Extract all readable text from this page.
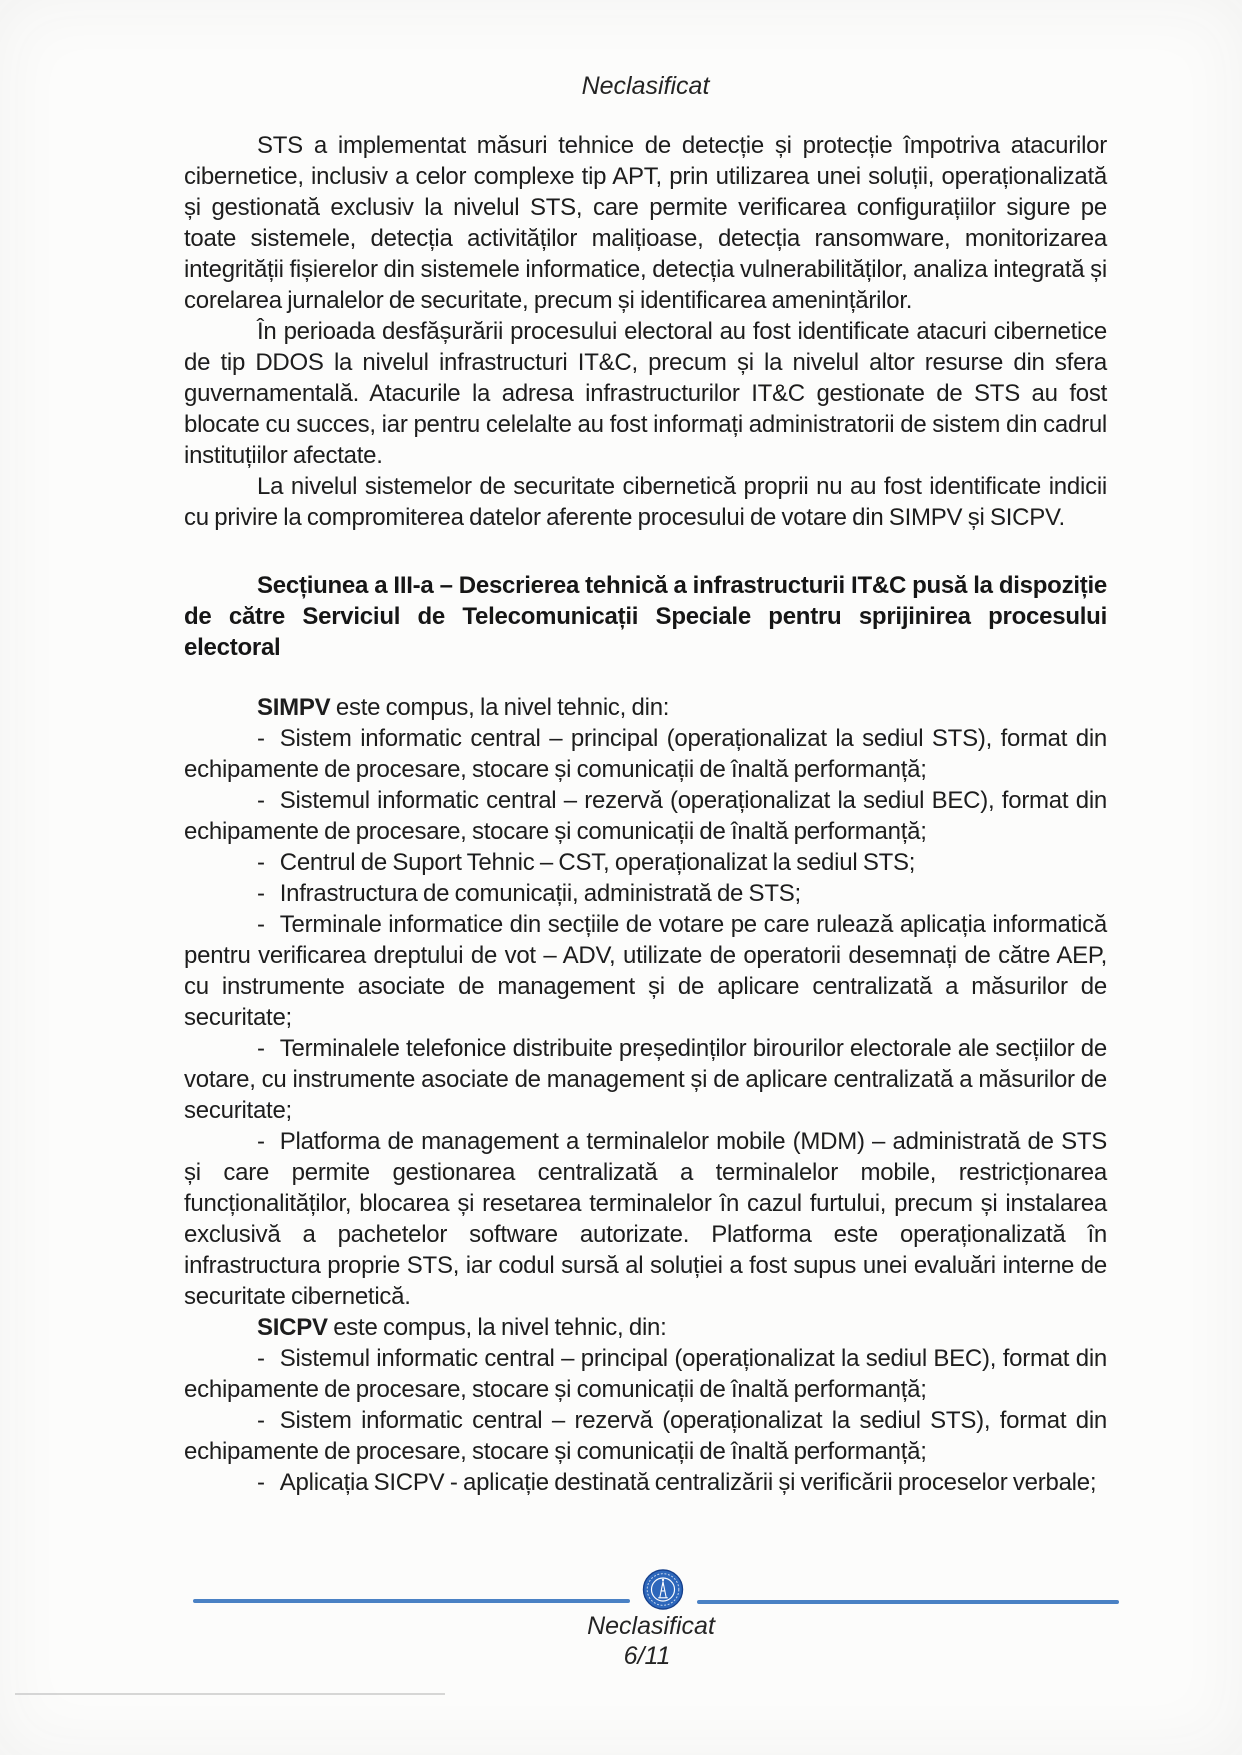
Neclasificat

STS a implementat măsuri tehnice de detecție și protecție împotriva atacurilor cibernetice, inclusiv a celor complexe tip APT, prin utilizarea unei soluții, operaționalizată și gestionată exclusiv la nivelul STS, care permite verificarea configurațiilor sigure pe toate sistemele, detecția activităților malițioase, detecția ransomware, monitorizarea integrității fișierelor din sistemele informatice, detecția vulnerabilităților, analiza integrată și corelarea jurnalelor de securitate, precum și identificarea amenințărilor.

În perioada desfășurării procesului electoral au fost identificate atacuri cibernetice de tip DDOS la nivelul infrastructuri IT&C, precum și la nivelul altor resurse din sfera guvernamentală. Atacurile la adresa infrastructurilor IT&C gestionate de STS au fost blocate cu succes, iar pentru celelalte au fost informați administratorii de sistem din cadrul instituțiilor afectate.

La nivelul sistemelor de securitate cibernetică proprii nu au fost identificate indicii cu privire la compromiterea datelor aferente procesului de votare din SIMPV și SICPV.

Secțiunea a III-a – Descrierea tehnică a infrastructurii IT&C pusă la dispoziție de către Serviciul de Telecomunicații Speciale pentru sprijinirea procesului electoral

SIMPV este compus, la nivel tehnic, din:

- Sistem informatic central – principal (operaționalizat la sediul STS), format din echipamente de procesare, stocare și comunicații de înaltă performanță;

- Sistemul informatic central – rezervă (operaționalizat la sediul BEC), format din echipamente de procesare, stocare și comunicații de înaltă performanță;

- Centrul de Suport Tehnic – CST, operaționalizat la sediul STS;

- Infrastructura de comunicații, administrată de STS;

- Terminale informatice din secțiile de votare pe care rulează aplicația informatică pentru verificarea dreptului de vot – ADV, utilizate de operatorii desemnați de către AEP, cu instrumente asociate de management și de aplicare centralizată a măsurilor de securitate;

- Terminalele telefonice distribuite președinților birourilor electorale ale secțiilor de votare, cu instrumente asociate de management și de aplicare centralizată a măsurilor de securitate;

- Platforma de management a terminalelor mobile (MDM) – administrată de STS și care permite gestionarea centralizată a terminalelor mobile, restricționarea funcționalităților, blocarea și resetarea terminalelor în cazul furtului, precum și instalarea exclusivă a pachetelor software autorizate. Platforma este operaționalizată în infrastructura proprie STS, iar codul sursă al soluției a fost supus unei evaluări interne de securitate cibernetică.

SICPV este compus, la nivel tehnic, din:

- Sistemul informatic central – principal (operaționalizat la sediul BEC), format din echipamente de procesare, stocare și comunicații de înaltă performanță;

- Sistem informatic central – rezervă (operaționalizat la sediul STS), format din echipamente de procesare, stocare și comunicații de înaltă performanță;

- Aplicația SICPV - aplicație destinată centralizării și verificării proceselor verbale;

Neclasificat
6/11
